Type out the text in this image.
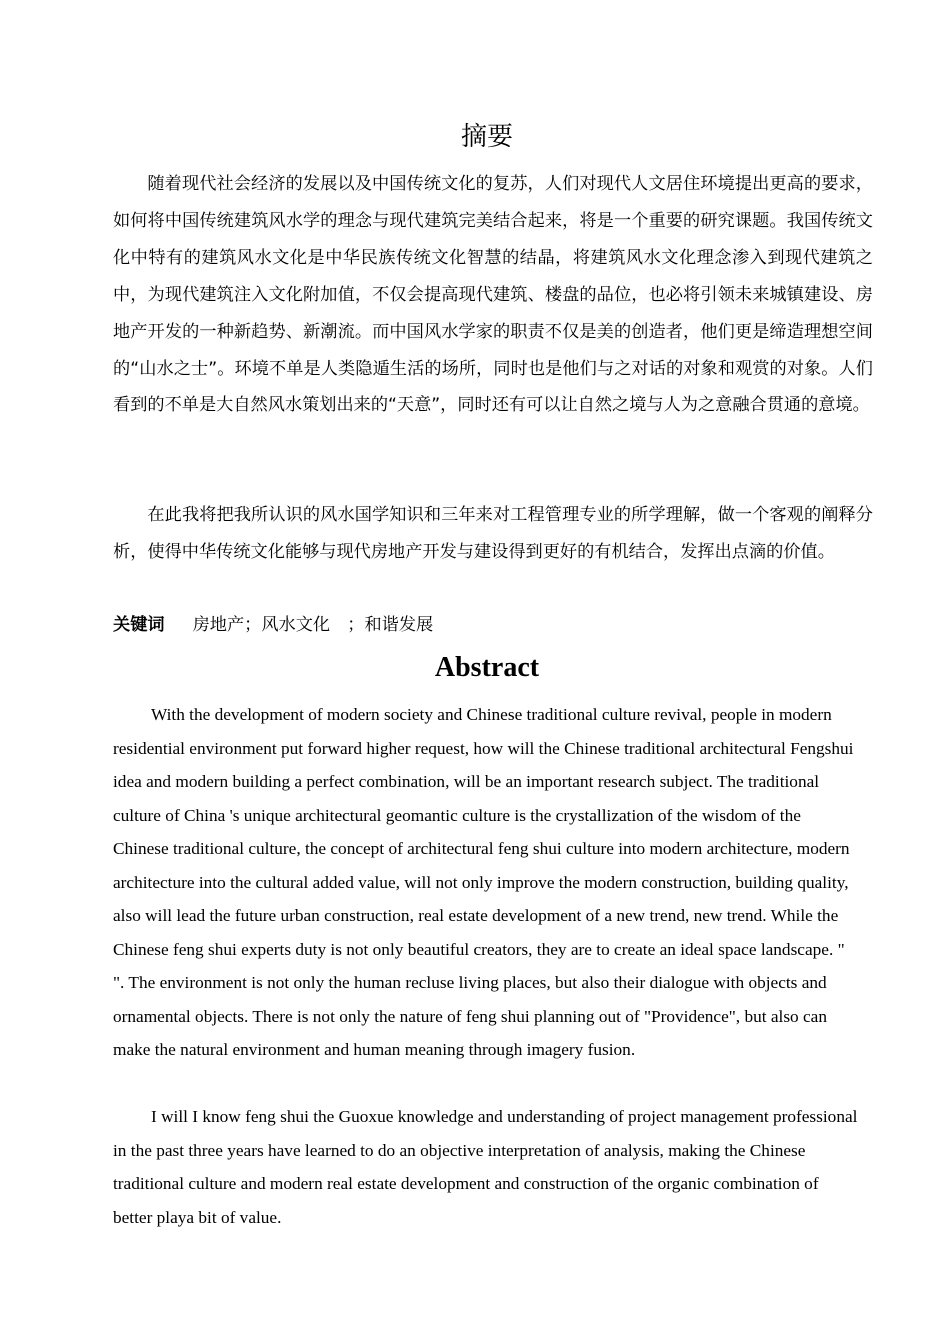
摘要

随着现代社会经济的发展以及中国传统文化的复苏，人们对现代人文居住环境提出更高的要求，如何将中国传统建筑风水学的理念与现代建筑完美结合起来，将是一个重要的研究课题。我国传统文化中特有的建筑风水文化是中华民族传统文化智慧的结晶，将建筑风水文化理念渗入到现代建筑之中，为现代建筑注入文化附加值，不仅会提高现代建筑、楼盘的品位，也必将引领未来城镇建设、房地产开发的一种新趋势、新潮流。而中国风水学家的职责不仅是美的创造者，他们更是缔造理想空间的“山水之士”。环境不单是人类隐遁生活的场所，同时也是他们与之对话的对象和观赏的对象。人们看到的不单是大自然风水策划出来的“天意”，同时还有可以让自然之境与人为之意融合贯通的意境。

在此我将把我所认识的风水国学知识和三年来对工程管理专业的所学理解，做一个客观的阐释分析，使得中华传统文化能够与现代房地产开发与建设得到更好的有机结合，发挥出点滴的价值。

关键词 房地产；风水文化　；和谐发展
Abstract

With the development of modern society and Chinese traditional culture revival, people in modern residential environment put forward higher request, how will the Chinese traditional architectural Fengshui idea and modern building a perfect combination, will be an important research subject. The traditional culture of China 's unique architectural geomantic culture is the crystallization of the wisdom of the Chinese traditional culture, the concept of architectural feng shui culture into modern architecture, modern architecture into the cultural added value, will not only improve the modern construction, building quality, also will lead the future urban construction, real estate development of a new trend, new trend. While the Chinese feng shui experts duty is not only beautiful creators, they are to create an ideal space landscape. " ". The environment is not only the human recluse living places, but also their dialogue with objects and ornamental objects. There is not only the nature of feng shui planning out of "Providence", but also can make the natural environment and human meaning through imagery fusion.

I will I know feng shui the Guoxue knowledge and understanding of project management professional in the past three years have learned to do an objective interpretation of analysis, making the Chinese traditional culture and modern real estate development and construction of the organic combination of better playa bit of value.
